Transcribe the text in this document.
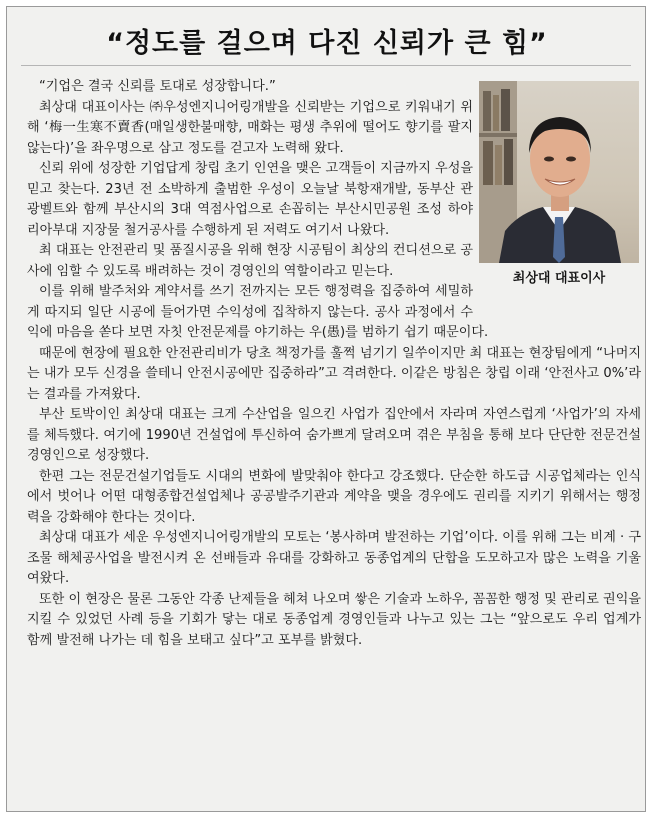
“정도를 걸으며 다진 신뢰가 큰 힘”
최상대 대표이사

“기업은 결국 신뢰를 토대로 성장합니다.”

최상대 대표이사는 ㈜우성엔지니어링개발을 신뢰받는 기업으로 키워내기 위해 ‘梅一生寒不賣香(매일생한불매향, 매화는 평생 추위에 떨어도 향기를 팔지 않는다)’을 좌우명으로 삼고 정도를 걷고자 노력해 왔다.

신뢰 위에 성장한 기업답게 창립 초기 인연을 맺은 고객들이 지금까지 우성을 믿고 찾는다. 23년 전 소박하게 출범한 우성이 오늘날 북항재개발, 동부산 관광벨트와 함께 부산시의 3대 역점사업으로 손꼽히는 부산시민공원 조성 하야리아부대 지장물 철거공사를 수행하게 된 저력도 여기서 나왔다.

최 대표는 안전관리 및 품질시공을 위해 현장 시공팀이 최상의 컨디션으로 공사에 임할 수 있도록 배려하는 것이 경영인의 역할이라고 믿는다.

이를 위해 발주처와 계약서를 쓰기 전까지는 모든 행정력을 집중하여 세밀하게 따지되 일단 시공에 들어가면 수익성에 집착하지 않는다. 공사 과정에서 수익에 마음을 쏟다 보면 자칫 안전문제를 야기하는 우(愚)를 범하기 쉽기 때문이다.

때문에 현장에 필요한 안전관리비가 당초 책정가를 훌쩍 넘기기 일쑤이지만 최 대표는 현장팀에게 “나머지는 내가 모두 신경을 쓸테니 안전시공에만 집중하라”고 격려한다. 이같은 방침은 창립 이래 ‘안전사고 0%’라는 결과를 가져왔다.

부산 토박이인 최상대 대표는 크게 수산업을 일으킨 사업가 집안에서 자라며 자연스럽게 ‘사업가’의 자세를 체득했다. 여기에 1990년 건설업에 투신하여 숨가쁘게 달려오며 겪은 부침을 통해 보다 단단한 전문건설 경영인으로 성장했다.

한편 그는 전문건설기업들도 시대의 변화에 발맞춰야 한다고 강조했다. 단순한 하도급 시공업체라는 인식에서 벗어나 어떤 대형종합건설업체나 공공발주기관과 계약을 맺을 경우에도 권리를 지키기 위해서는 행정력을 강화해야 한다는 것이다.

최상대 대표가 세운 우성엔지니어링개발의 모토는 ‘봉사하며 발전하는 기업’이다. 이를 위해 그는 비계 · 구조물 해체공사업을 발전시켜 온 선배들과 유대를 강화하고 동종업계의 단합을 도모하고자 많은 노력을 기울여왔다.

또한 이 현장은 물론 그동안 각종 난제들을 헤쳐 나오며 쌓은 기술과 노하우, 꼼꼼한 행정 및 관리로 권익을 지킬 수 있었던 사례 등을 기회가 닿는 대로 동종업계 경영인들과 나누고 있는 그는 “앞으로도 우리 업계가 함께 발전해 나가는 데 힘을 보태고 싶다”고 포부를 밝혔다.
